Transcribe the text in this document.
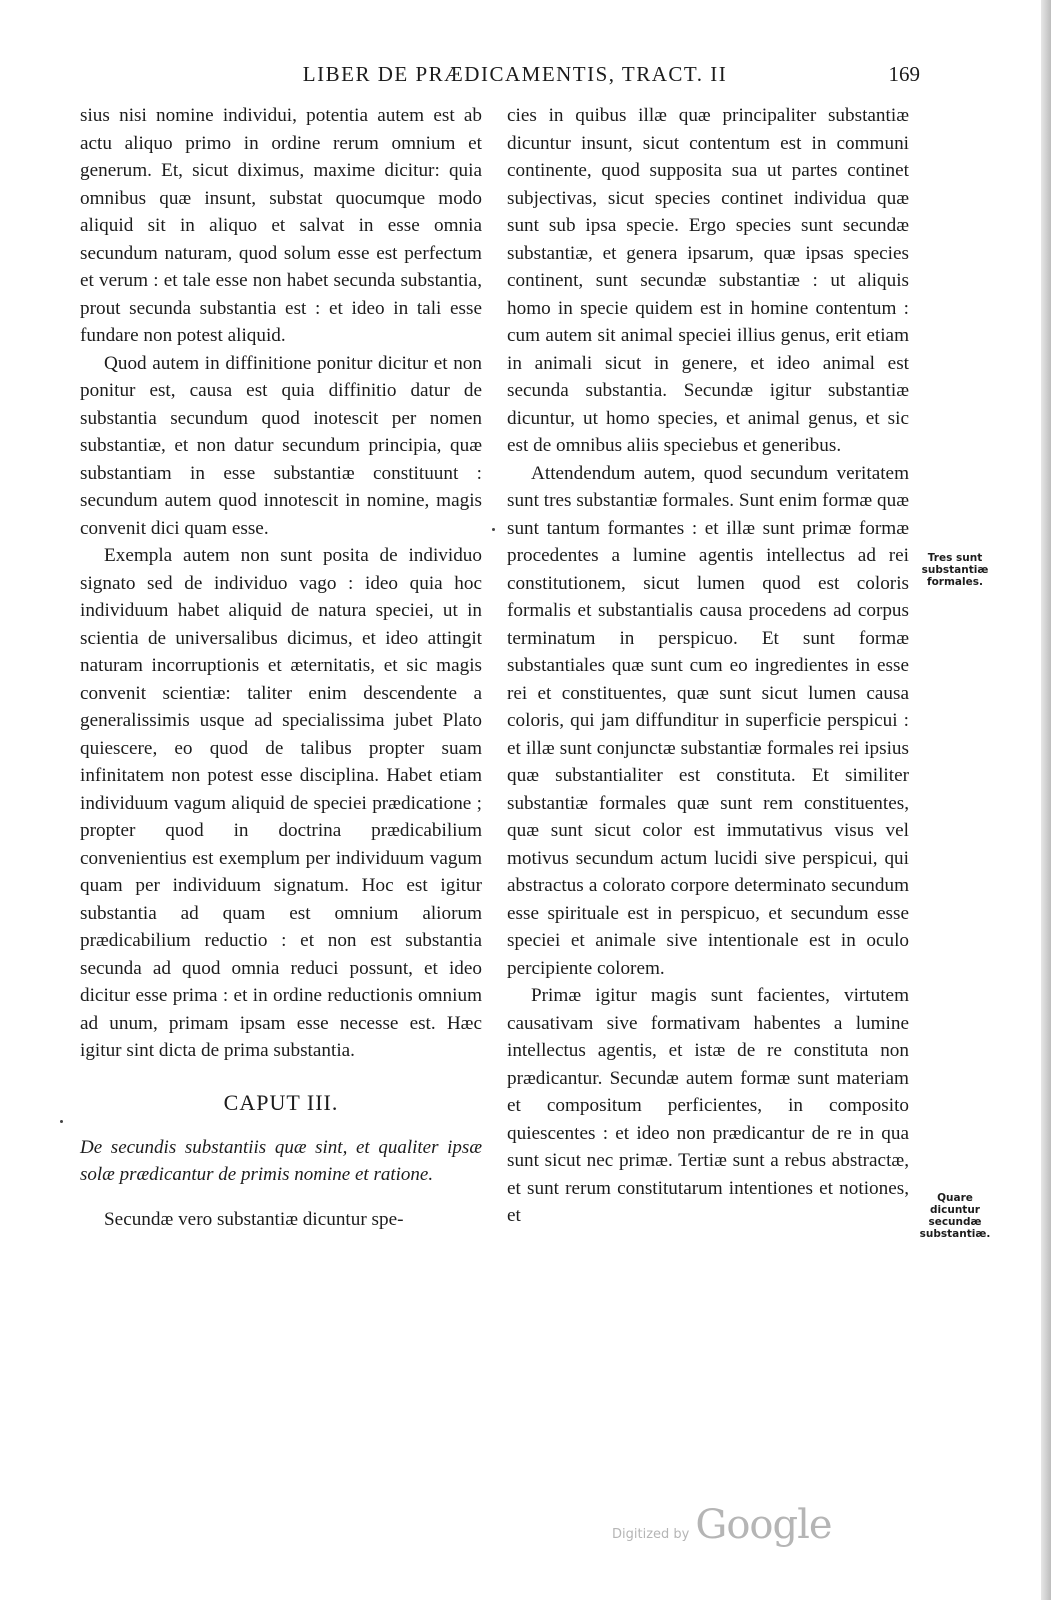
LIBER DE PRÆDICAMENTIS, TRACT. II	169

sius nisi nomine individui, potentia autem est ab actu aliquo primo in ordine rerum omnium et generum. Et, sicut diximus, maxime dicitur: quia omnibus quæ insunt, substat quocumque modo aliquid sit in aliquo et salvat in esse omnia secundum naturam, quod solum esse est perfectum et verum : et tale esse non habet secunda substantia, prout secunda substantia est : et ideo in tali esse fundare non potest aliquid.

Quod autem in diffinitione ponitur dicitur et non ponitur est, causa est quia diffinitio datur de substantia secundum quod inotescit per nomen substantiæ, et non datur secundum principia, quæ substantiam in esse substantiæ constituunt : secundum autem quod innotescit in nomine, magis convenit dici quam esse.

Exempla autem non sunt posita de individuo signato sed de individuo vago : ideo quia hoc individuum habet aliquid de natura speciei, ut in scientia de universalibus dicimus, et ideo attingit naturam incorruptionis et æternitatis, et sic magis convenit scientiæ: taliter enim descendente a generalissimis usque ad specialissima jubet Plato quiescere, eo quod de talibus propter suam infinitatem non potest esse disciplina. Habet etiam individuum vagum aliquid de speciei prædicatione ; propter quod in doctrina prædicabilium convenientius est exemplum per individuum vagum quam per individuum signatum. Hoc est igitur substantia ad quam est omnium aliorum prædicabilium reductio : et non est substantia secunda ad quod omnia reduci possunt, et ideo dicitur esse prima : et in ordine reductionis omnium ad unum, primam ipsam esse necesse est. Hæc igitur sint dicta de prima substantia.

CAPUT III.
De secundis substantiis quæ sint, et qualiter ipsæ solæ prædicantur de primis nomine et ratione.

Secundæ vero substantiæ dicuntur spe-

cies in quibus illæ quæ principaliter substantiæ dicuntur insunt, sicut contentum est in communi continente, quod supposita sua ut partes continet subjectivas, sicut species continet individua quæ sunt sub ipsa specie. Ergo species sunt secundæ substantiæ, et genera ipsarum, quæ ipsas species continent, sunt secundæ substantiæ : ut aliquis homo in specie quidem est in homine contentum : cum autem sit animal speciei illius genus, erit etiam in animali sicut in genere, et ideo animal est secunda substantia. Secundæ igitur substantiæ dicuntur, ut homo species, et animal genus, et sic est de omnibus aliis speciebus et generibus.

Attendendum autem, quod secundum veritatem sunt tres substantiæ formales. Sunt enim formæ quæ sunt tantum formantes : et illæ sunt primæ formæ procedentes a lumine agentis intellectus ad rei constitutionem, sicut lumen quod est coloris formalis et substantialis causa procedens ad corpus terminatum in perspicuo. Et sunt formæ substantiales quæ sunt cum eo ingredientes in esse rei et constituentes, quæ sunt sicut lumen causa coloris, qui jam diffunditur in superficie perspicui : et illæ sunt conjunctæ substantiæ formales rei ipsius quæ substantialiter est constituta. Et similiter substantiæ formales quæ sunt rem constituentes, quæ sunt sicut color est immutativus visus vel motivus secundum actum lucidi sive perspicui, qui abstractus a colorato corpore determinato secundum esse spirituale est in perspicuo, et secundum esse speciei et animale sive intentionale est in oculo percipiente colorem.

Primæ igitur magis sunt facientes, virtutem causativam sive formativam habentes a lumine intellectus agentis, et istæ de re constituta non prædicantur. Secundæ autem formæ sunt materiam et compositum perficientes, in composito quiescentes : et ideo non prædicantur de re in qua sunt sicut nec primæ. Tertiæ sunt a rebus abstractæ, et sunt rerum constitutarum intentiones et notiones, et

Tres sunt substantiæ formales.
Quare dicuntur secundæ substantiæ.
Digitized by Google
